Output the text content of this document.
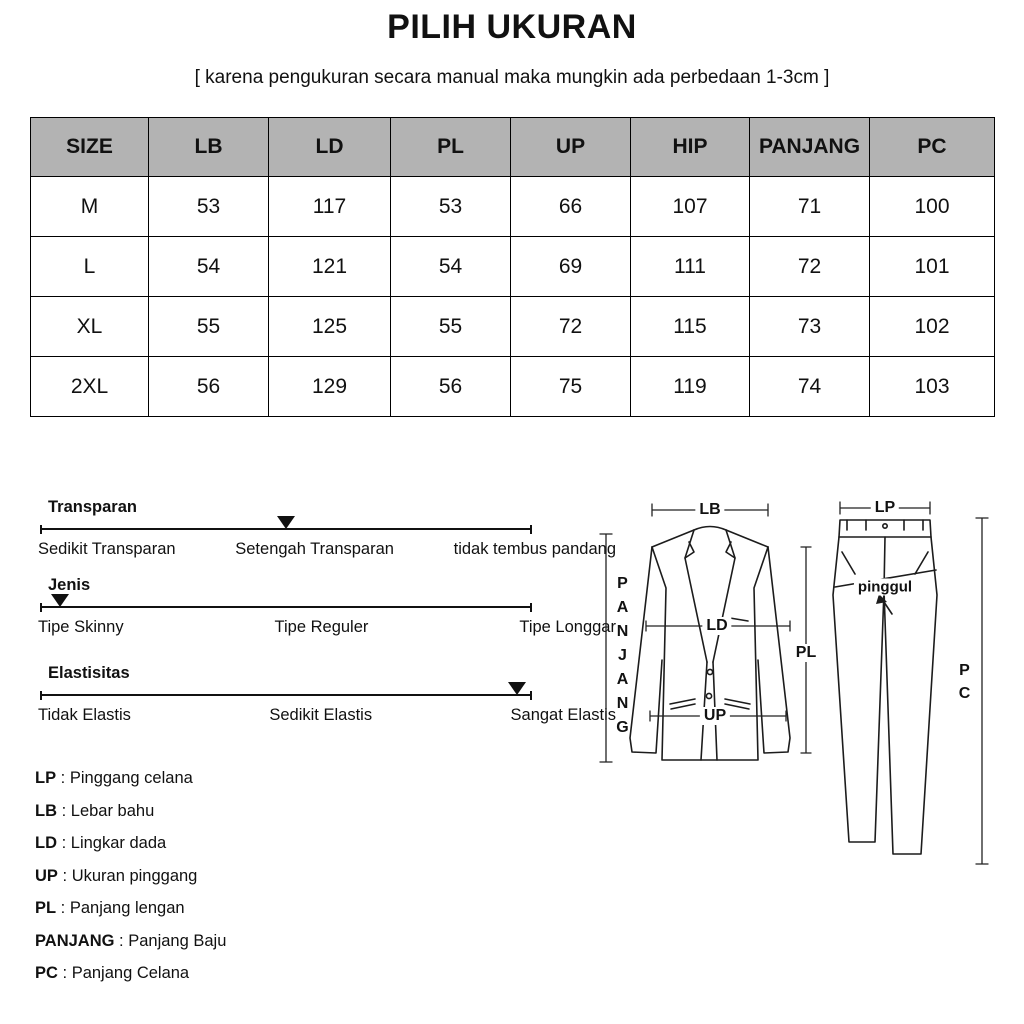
PILIH UKURAN
[ karena pengukuran secara manual maka mungkin ada perbedaan 1-3cm ]
SIZE	LB	LD	PL	UP	HIP	PANJANG	PC
M	53	117	53	66	107	71	100
L	54	121	54	69	111	72	101
XL	55	125	55	72	115	73	102
2XL	56	129	56	75	119	74	103
Transparan
Sedikit Transparan	Setengah Transparan	tidak tembus pandang
Jenis
Tipe Skinny	Tipe Reguler	Tipe Longgar
Elastisitas
Tidak Elastis	Sedikit Elastis	Sangat Elastis
LP : Pinggang celana
LB : Lebar bahu
LD : Lingkar dada
UP : Ukuran pinggang
PL : Panjang lengan
PANJANG : Panjang Baju
PC : Panjang Celana
LB	LP
PANJANG	LD
PL
UP
pinggul
PC
